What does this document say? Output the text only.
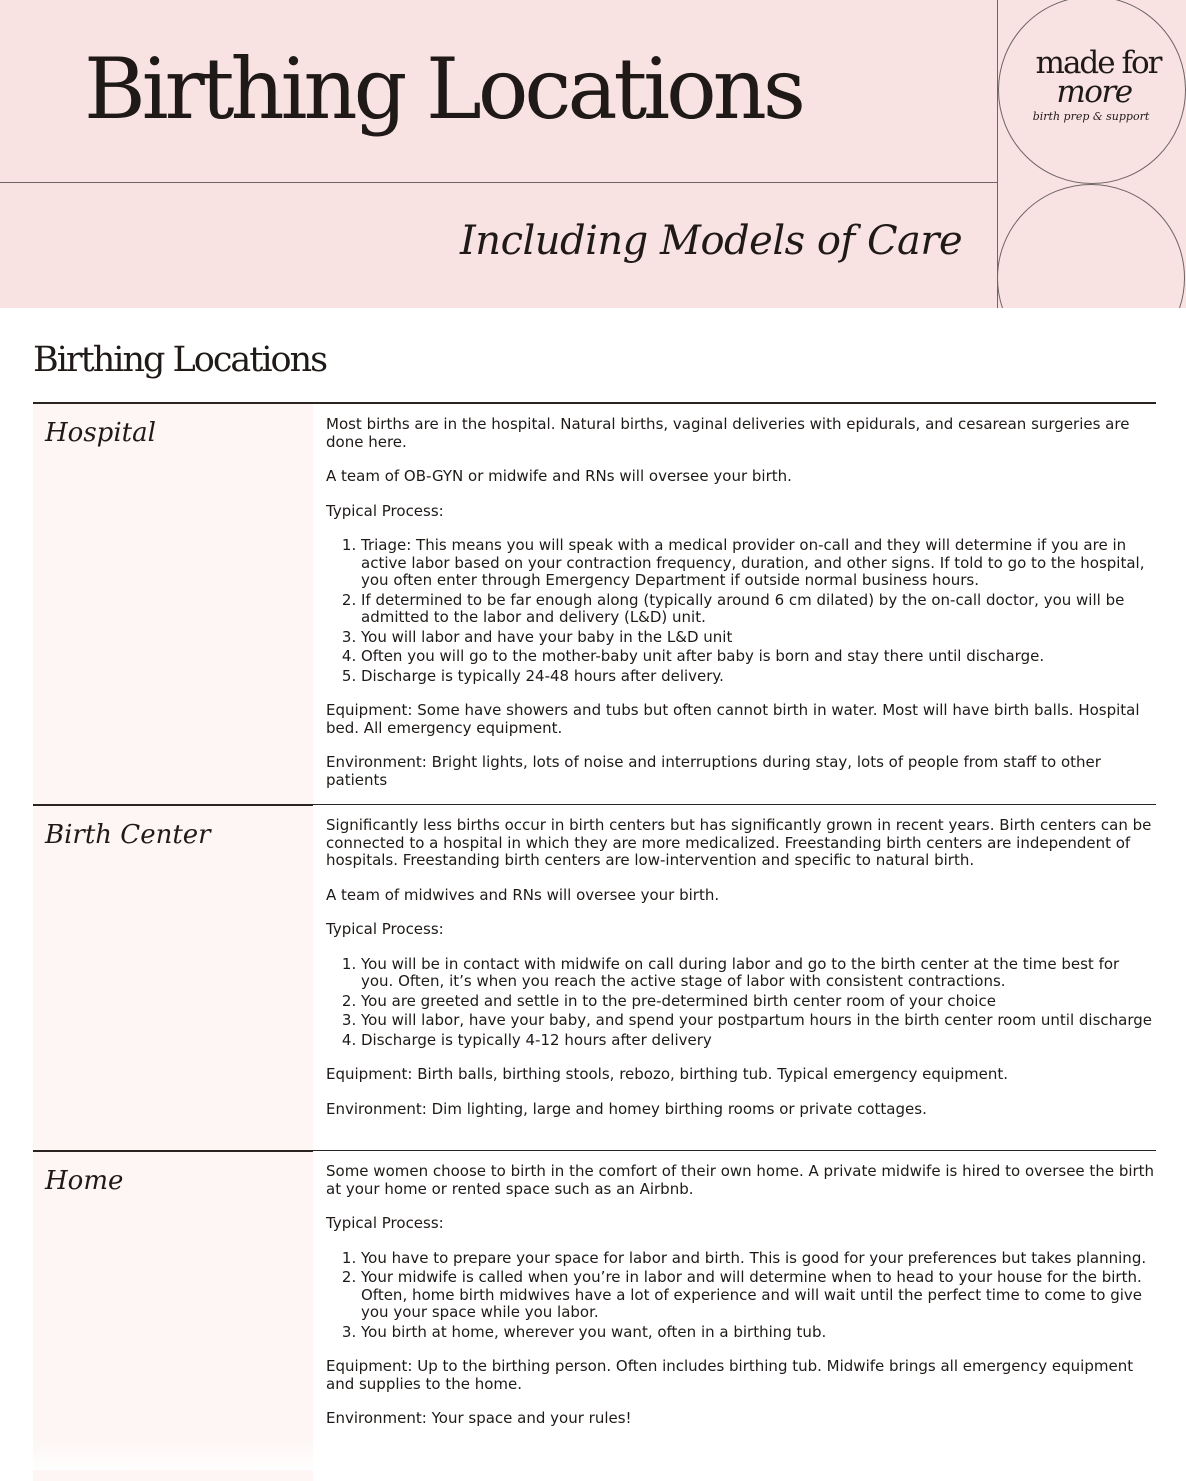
Birthing Locations
Including Models of Care
made for
more
birth prep & support
Birthing Locations
Hospital	Most births are in the hospital. Natural births, vaginal deliveries with epidurals, and cesarean surgeries are done here.

A team of OB-GYN or midwife and RNs will oversee your birth.

Typical Process:

1. Triage: This means you will speak with a medical provider on-call and they will determine if you are in active labor based on your contraction frequency, duration, and other signs. If told to go to the hospital, you often enter through Emergency Department if outside normal business hours.
2. If determined to be far enough along (typically around 6 cm dilated) by the on-call doctor, you will be admitted to the labor and delivery (L&D) unit.
3. You will labor and have your baby in the L&D unit
4. Often you will go to the mother-baby unit after baby is born and stay there until discharge.
5. Discharge is typically 24-48 hours after delivery.

Equipment: Some have showers and tubs but often cannot birth in water. Most will have birth balls. Hospital bed. All emergency equipment.

Environment: Bright lights, lots of noise and interruptions during stay, lots of people from staff to other patients

Birth Center	Significantly less births occur in birth centers but has significantly grown in recent years. Birth centers can be connected to a hospital in which they are more medicalized. Freestanding birth centers are independent of hospitals. Freestanding birth centers are low-intervention and specific to natural birth.

A team of midwives and RNs will oversee your birth.

Typical Process:

1. You will be in contact with midwife on call during labor and go to the birth center at the time best for you. Often, it’s when you reach the active stage of labor with consistent contractions.
2. You are greeted and settle in to the pre-determined birth center room of your choice
3. You will labor, have your baby, and spend your postpartum hours in the birth center room until discharge
4. Discharge is typically 4-12 hours after delivery

Equipment: Birth balls, birthing stools, rebozo, birthing tub. Typical emergency equipment.

Environment: Dim lighting, large and homey birthing rooms or private cottages.

Home	Some women choose to birth in the comfort of their own home. A private midwife is hired to oversee the birth at your home or rented space such as an Airbnb.

Typical Process:

1. You have to prepare your space for labor and birth. This is good for your preferences but takes planning.
2. Your midwife is called when you’re in labor and will determine when to head to your house for the birth. Often, home birth midwives have a lot of experience and will wait until the perfect time to come to give you your space while you labor.
3. You birth at home, wherever you want, often in a birthing tub.

Equipment: Up to the birthing person. Often includes birthing tub. Midwife brings all emergency equipment and supplies to the home.

Environment: Your space and your rules!
